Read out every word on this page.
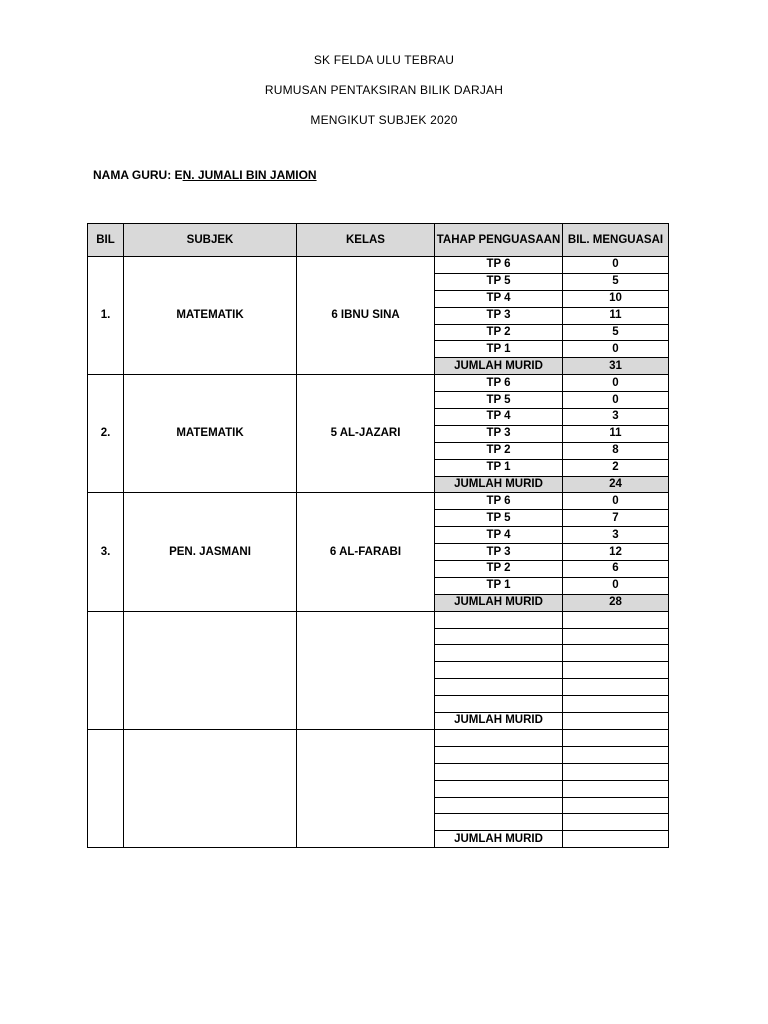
SK FELDA ULU TEBRAU
RUMUSAN PENTAKSIRAN BILIK DARJAH
MENGIKUT SUBJEK 2020
NAMA GURU: EN. JUMALI BIN JAMION
BIL	SUBJEK	KELAS	TAHAP PENGUASAAN	BIL. MENGUASAI
1.	MATEMATIK	6 IBNU SINA	TP 6	0
			TP 5	5
			TP 4	10
			TP 3	11
			TP 2	5
			TP 1	0
			JUMLAH MURID	31
2.	MATEMATIK	5 AL-JAZARI	TP 6	0
			TP 5	0
			TP 4	3
			TP 3	11
			TP 2	8
			TP 1	2
			JUMLAH MURID	24
3.	PEN. JASMANI	6 AL-FARABI	TP 6	0
			TP 5	7
			TP 4	3
			TP 3	12
			TP 2	6
			TP 1	0
			JUMLAH MURID	28

			JUMLAH MURID	

			JUMLAH MURID	
